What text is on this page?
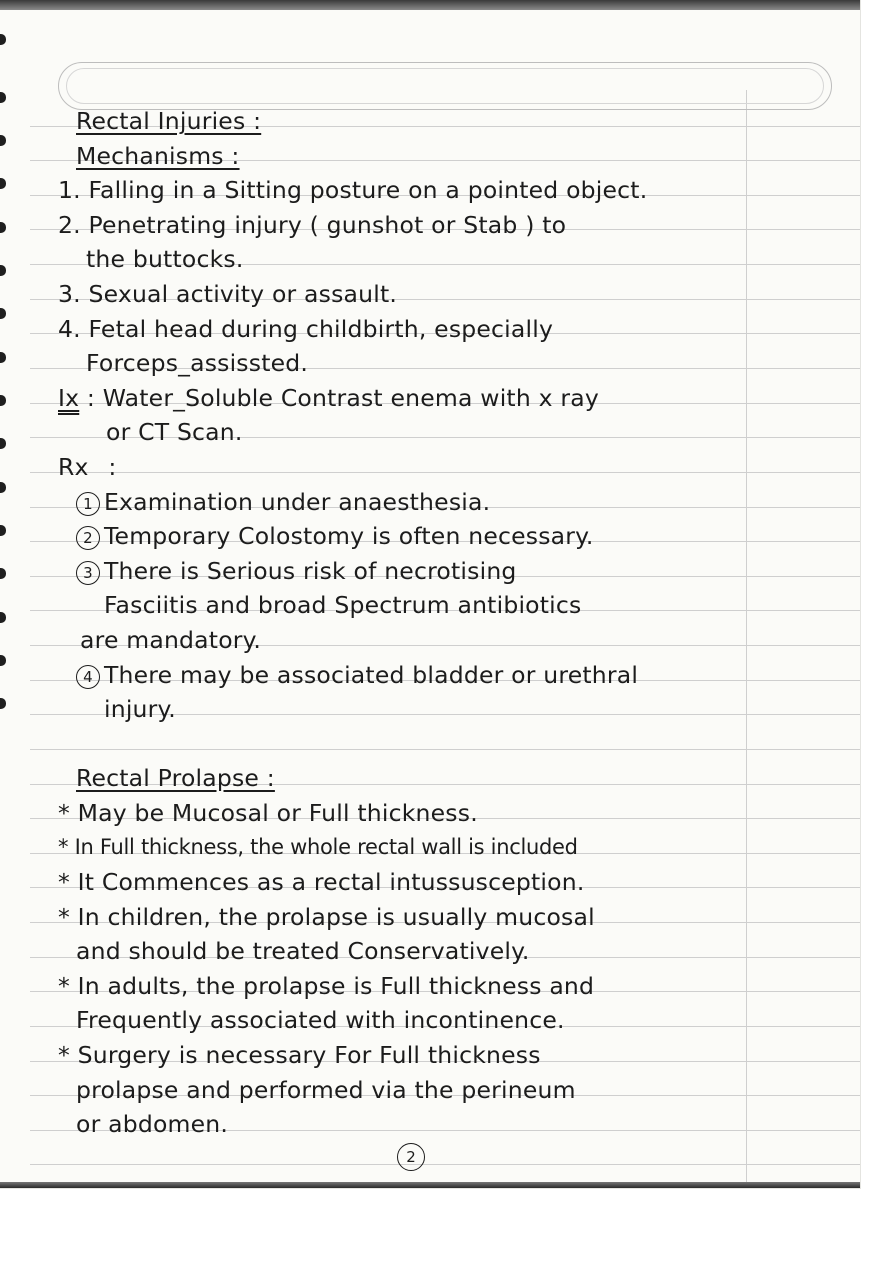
Rectal Injuries :
Mechanisms :
1. Falling in a Sitting posture on a pointed object.
2. Penetrating injury ( gunshot or Stab ) to
the buttocks.
3. Sexual activity or assault.
4. Fetal head during childbirth, especially
Forceps_assissted.
Ix : Water_Soluble Contrast enema with x ray
or CT Scan.
Rx :
1 Examination under anaesthesia.
2 Temporary Colostomy is often necessary.
3 There is Serious risk of necrotising
Fasciitis and broad Spectrum antibiotics
are mandatory.
4 There may be associated bladder or urethral
injury.
Rectal Prolapse :
* May be Mucosal or Full thickness.
* In Full thickness, the whole rectal wall is included
* It Commences as a rectal intussusception.
* In children, the prolapse is usually mucosal
and should be treated Conservatively.
* In adults, the prolapse is Full thickness and
Frequently associated with incontinence.
* Surgery is necessary For Full thickness
prolapse and performed via the perineum
or abdomen.
2
